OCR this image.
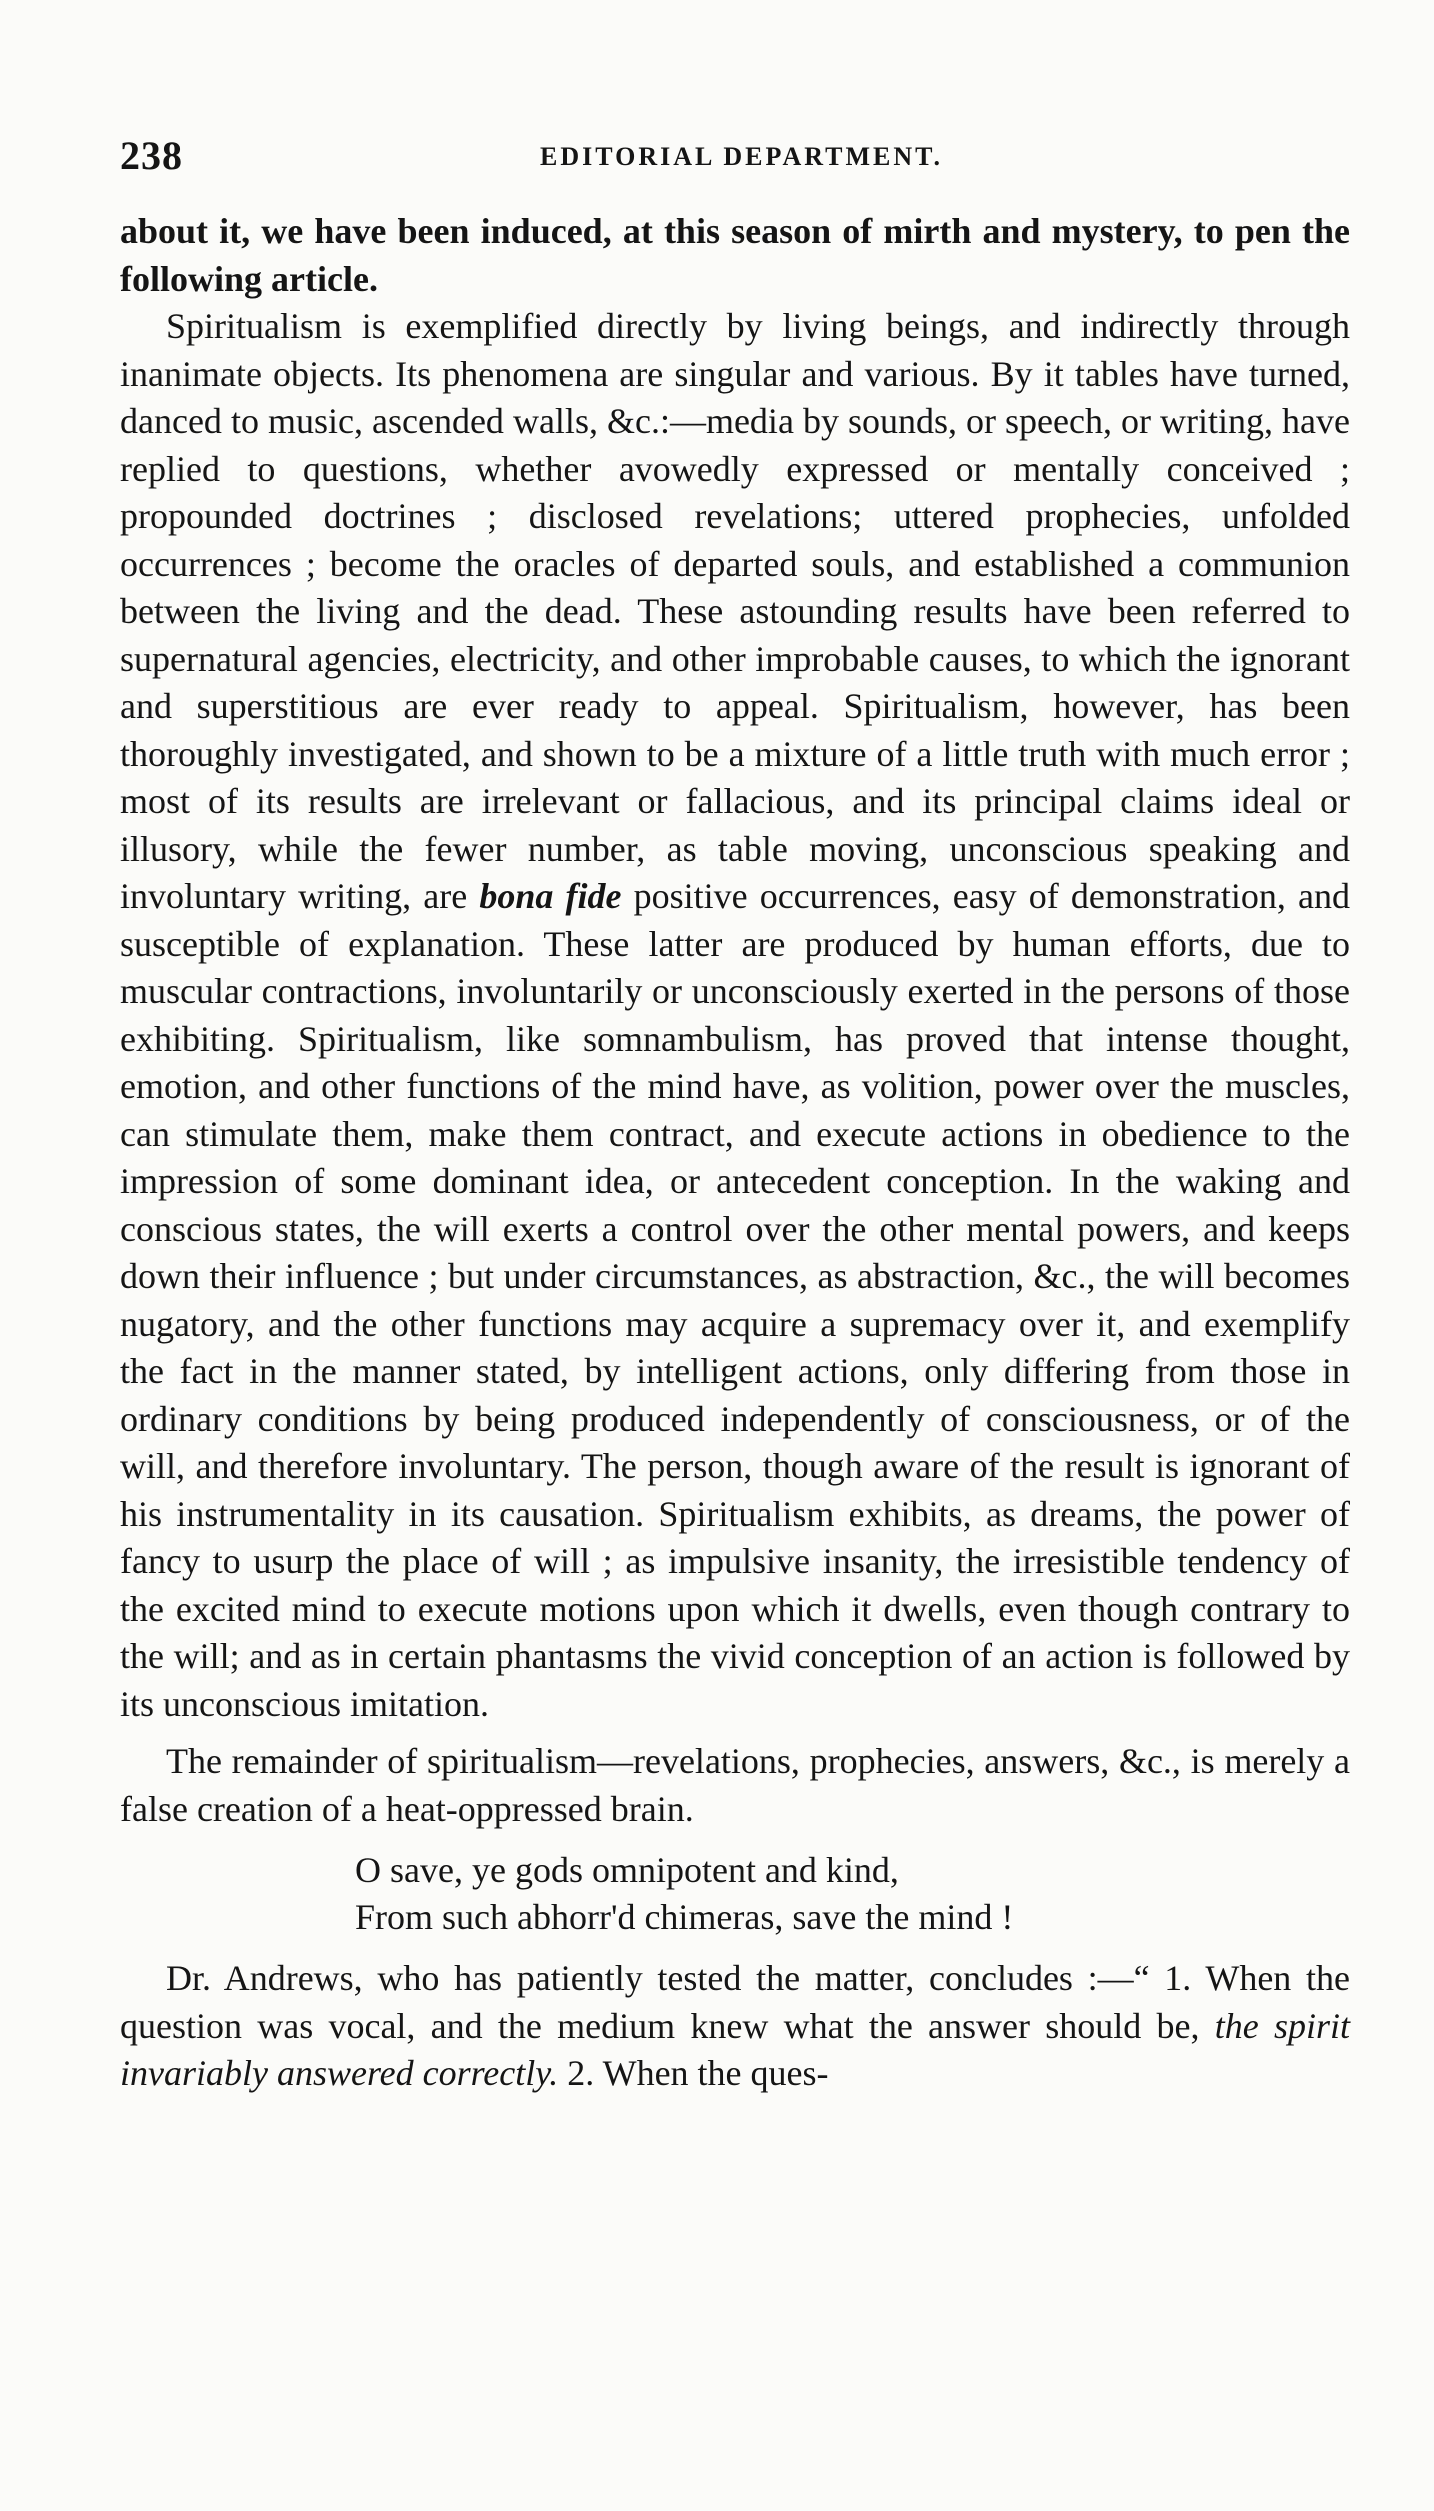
238	EDITORIAL DEPARTMENT.

about it, we have been induced, at this season of mirth and mystery, to pen the following article.

Spiritualism is exemplified directly by living beings, and indirectly through inanimate objects. Its phenomena are singular and various. By it tables have turned, danced to music, ascended walls, &c.:—media by sounds, or speech, or writing, have replied to questions, whether avowedly expressed or mentally conceived ; propounded doctrines ; disclosed revelations; uttered prophecies, unfolded occurrences ; become the oracles of departed souls, and established a communion between the living and the dead. These astounding results have been referred to supernatural agencies, electricity, and other improbable causes, to which the ignorant and superstitious are ever ready to appeal. Spiritualism, however, has been thoroughly investigated, and shown to be a mixture of a little truth with much error ; most of its results are irrelevant or fallacious, and its principal claims ideal or illusory, while the fewer number, as table moving, unconscious speaking and involuntary writing, are bona fide positive occurrences, easy of demonstration, and susceptible of explanation. These latter are produced by human efforts, due to muscular contractions, involuntarily or unconsciously exerted in the persons of those exhibiting. Spiritualism, like somnambulism, has proved that intense thought, emotion, and other functions of the mind have, as volition, power over the muscles, can stimulate them, make them contract, and execute actions in obedience to the impression of some dominant idea, or antecedent conception. In the waking and conscious states, the will exerts a control over the other mental powers, and keeps down their influence ; but under circumstances, as abstraction, &c., the will becomes nugatory, and the other functions may acquire a supremacy over it, and exemplify the fact in the manner stated, by intelligent actions, only differing from those in ordinary conditions by being produced independently of consciousness, or of the will, and therefore involuntary. The person, though aware of the result is ignorant of his instrumentality in its causation. Spiritualism exhibits, as dreams, the power of fancy to usurp the place of will ; as impulsive insanity, the irresistible tendency of the excited mind to execute motions upon which it dwells, even though contrary to the will; and as in certain phantasms the vivid conception of an action is followed by its unconscious imitation.

The remainder of spiritualism—revelations, prophecies, answers, &c., is merely a false creation of a heat-oppressed brain.

O save, ye gods omnipotent and kind,
From such abhorr'd chimeras, save the mind !

Dr. Andrews, who has patiently tested the matter, concludes :—“ 1. When the question was vocal, and the medium knew what the answer should be, the spirit invariably answered correctly. 2. When the ques-
